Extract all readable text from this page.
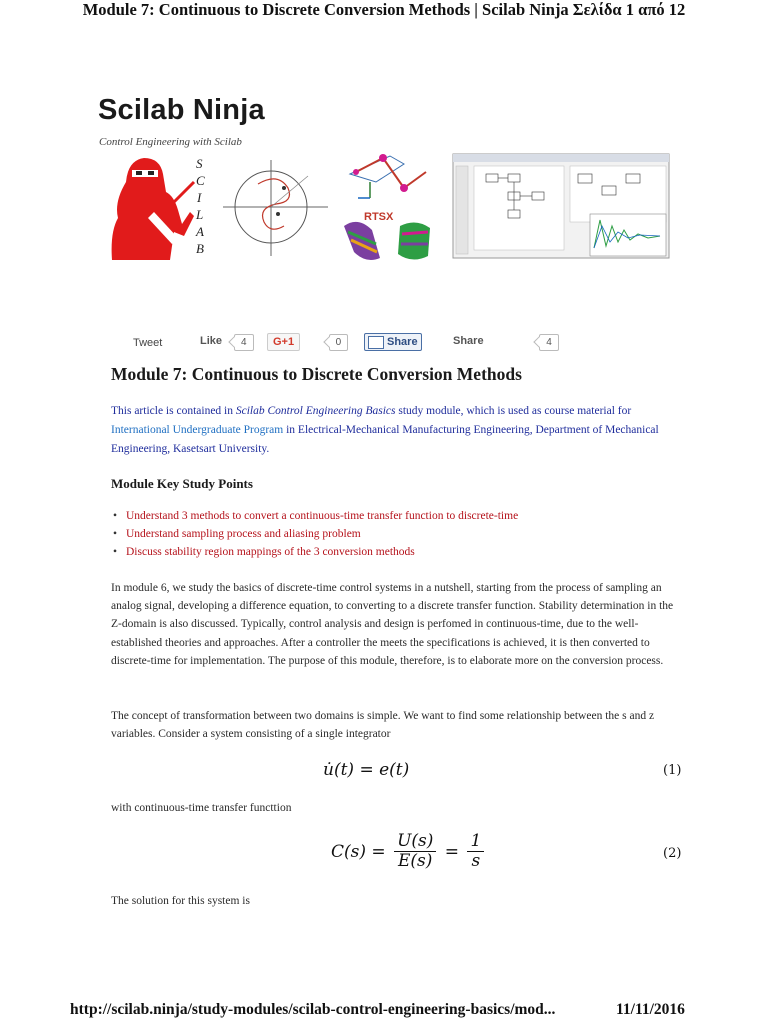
Module 7: Continuous to Discrete Conversion Methods | Scilab Ninja Σελίδα 1 από 12
Scilab Ninja
Control Engineering with Scilab
S
C
I
L
A
B
RTSX
Tweet	Like 4	G+1	0	Share	Share	4
Module 7: Continuous to Discrete Conversion Methods

This article is contained in Scilab Control Engineering Basics study module, which is used as course material for International Undergraduate Program in Electrical-Mechanical Manufacturing Engineering, Department of Mechanical Engineering, Kasetsart University.

Module Key Study Points
• Understand 3 methods to convert a continuous-time transfer function to discrete-time
• Understand sampling process and aliasing problem
• Discuss stability region mappings of the 3 conversion methods

In module 6, we study the basics of discrete-time control systems in a nutshell, starting from the process of sampling an analog signal, developing a difference equation, to converting to a discrete transfer function. Stability determination in the Z-domain is also discussed. Typically, control analysis and design is perfomed in continuous-time, due to the well-established theories and approaches. After a controller the meets the specifications is achieved, it is then converted to discrete-time for implementation. The purpose of this module, therefore, is to elaborate more on the conversion process.

The concept of transformation between two domains is simple. We want to find some relationship between the s and z variables. Consider a system consisting of a single integrator

u̇(t) = e(t)	(1)

with continuous-time transfer functtion

$C(s) = \frac{U(s)}{E(s)} = \frac{1}{s}$	(2)

The solution for this system is

http://scilab.ninja/study-modules/scilab-control-engineering-basics/mod...	11/11/2016
